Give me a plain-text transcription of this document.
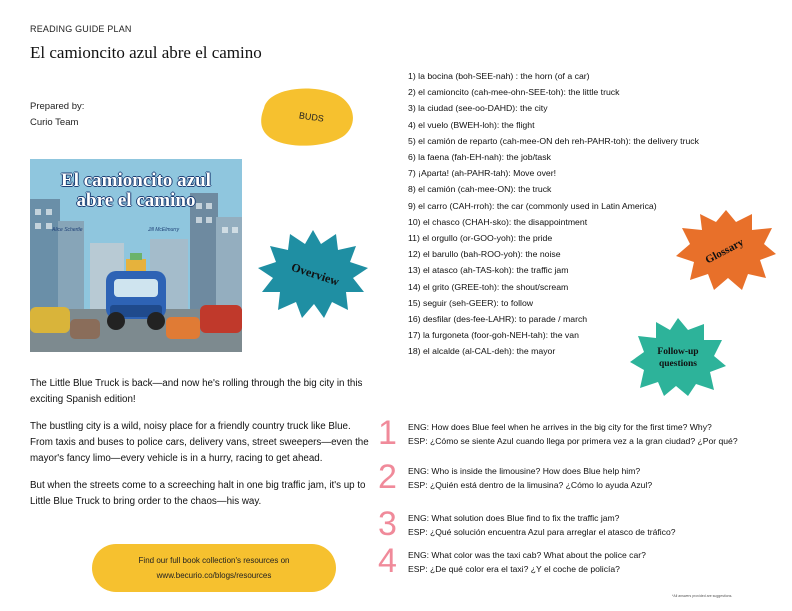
READING GUIDE PLAN
El camioncito azul abre el camino
Prepared by:
Curio Team	BUDS
El camioncito azul
abre el camino
Alice Schertle	Jill McElmurry
Overview

The Little Blue Truck is back—and now he's rolling through the big city in this exciting Spanish edition!

The bustling city is a wild, noisy place for a friendly country truck like Blue. From taxis and buses to police cars, delivery vans, street sweepers—even the mayor's fancy limo—every vehicle is in a hurry, racing to get ahead.

But when the streets come to a screeching halt in one big traffic jam, it's up to Little Blue Truck to bring order to the chaos—his way.

Find our full book collection's resources on
www.becurio.co/blogs/resources
1) la bocina (boh-SEE-nah) : the horn (of a car)
2) el camioncito (cah-mee-ohn-SEE-toh): the little truck
3) la ciudad (see-oo-DAHD): the city
4) el vuelo (BWEH-loh): the flight
5) el camión de reparto (cah-mee-ON deh reh-PAHR-toh): the delivery truck
6) la faena (fah-EH-nah): the job/task
7) ¡Aparta! (ah-PAHR-tah): Move over!
8) el camión (cah-mee-ON): the truck
9) el carro (CAH-rroh): the car (commonly used in Latin America)
10) el chasco (CHAH-sko): the disappointment
11) el orgullo (or-GOO-yoh): the pride
12) el barullo (bah-ROO-yoh): the noise
13) el atasco (ah-TAS-koh): the traffic jam
14) el grito (GREE-toh): the shout/scream
15) seguir (seh-GEER): to follow
16) desfilar (des-fee-LAHR): to parade / march
17) la furgoneta (foor-goh-NEH-tah): the van
18) el alcalde (al-CAL-deh): the mayor
Glossary
Follow-up
questions
1 ENG: How does Blue feel when he arrives in the big city for the first time? Why?
ESP: ¿Cómo se siente Azul cuando llega por primera vez a la gran ciudad? ¿Por qué?
2 ENG: Who is inside the limousine? How does Blue help him?
ESP: ¿Quién está dentro de la limusina? ¿Cómo lo ayuda Azul?
3 ENG: What solution does Blue find to fix the traffic jam?
ESP: ¿Qué solución encuentra Azul para arreglar el atasco de tráfico?
4 ENG: What color was the taxi cab? What about the police car?
ESP: ¿De qué color era el taxi? ¿Y el coche de policía?
*All answers provided are suggestions.
